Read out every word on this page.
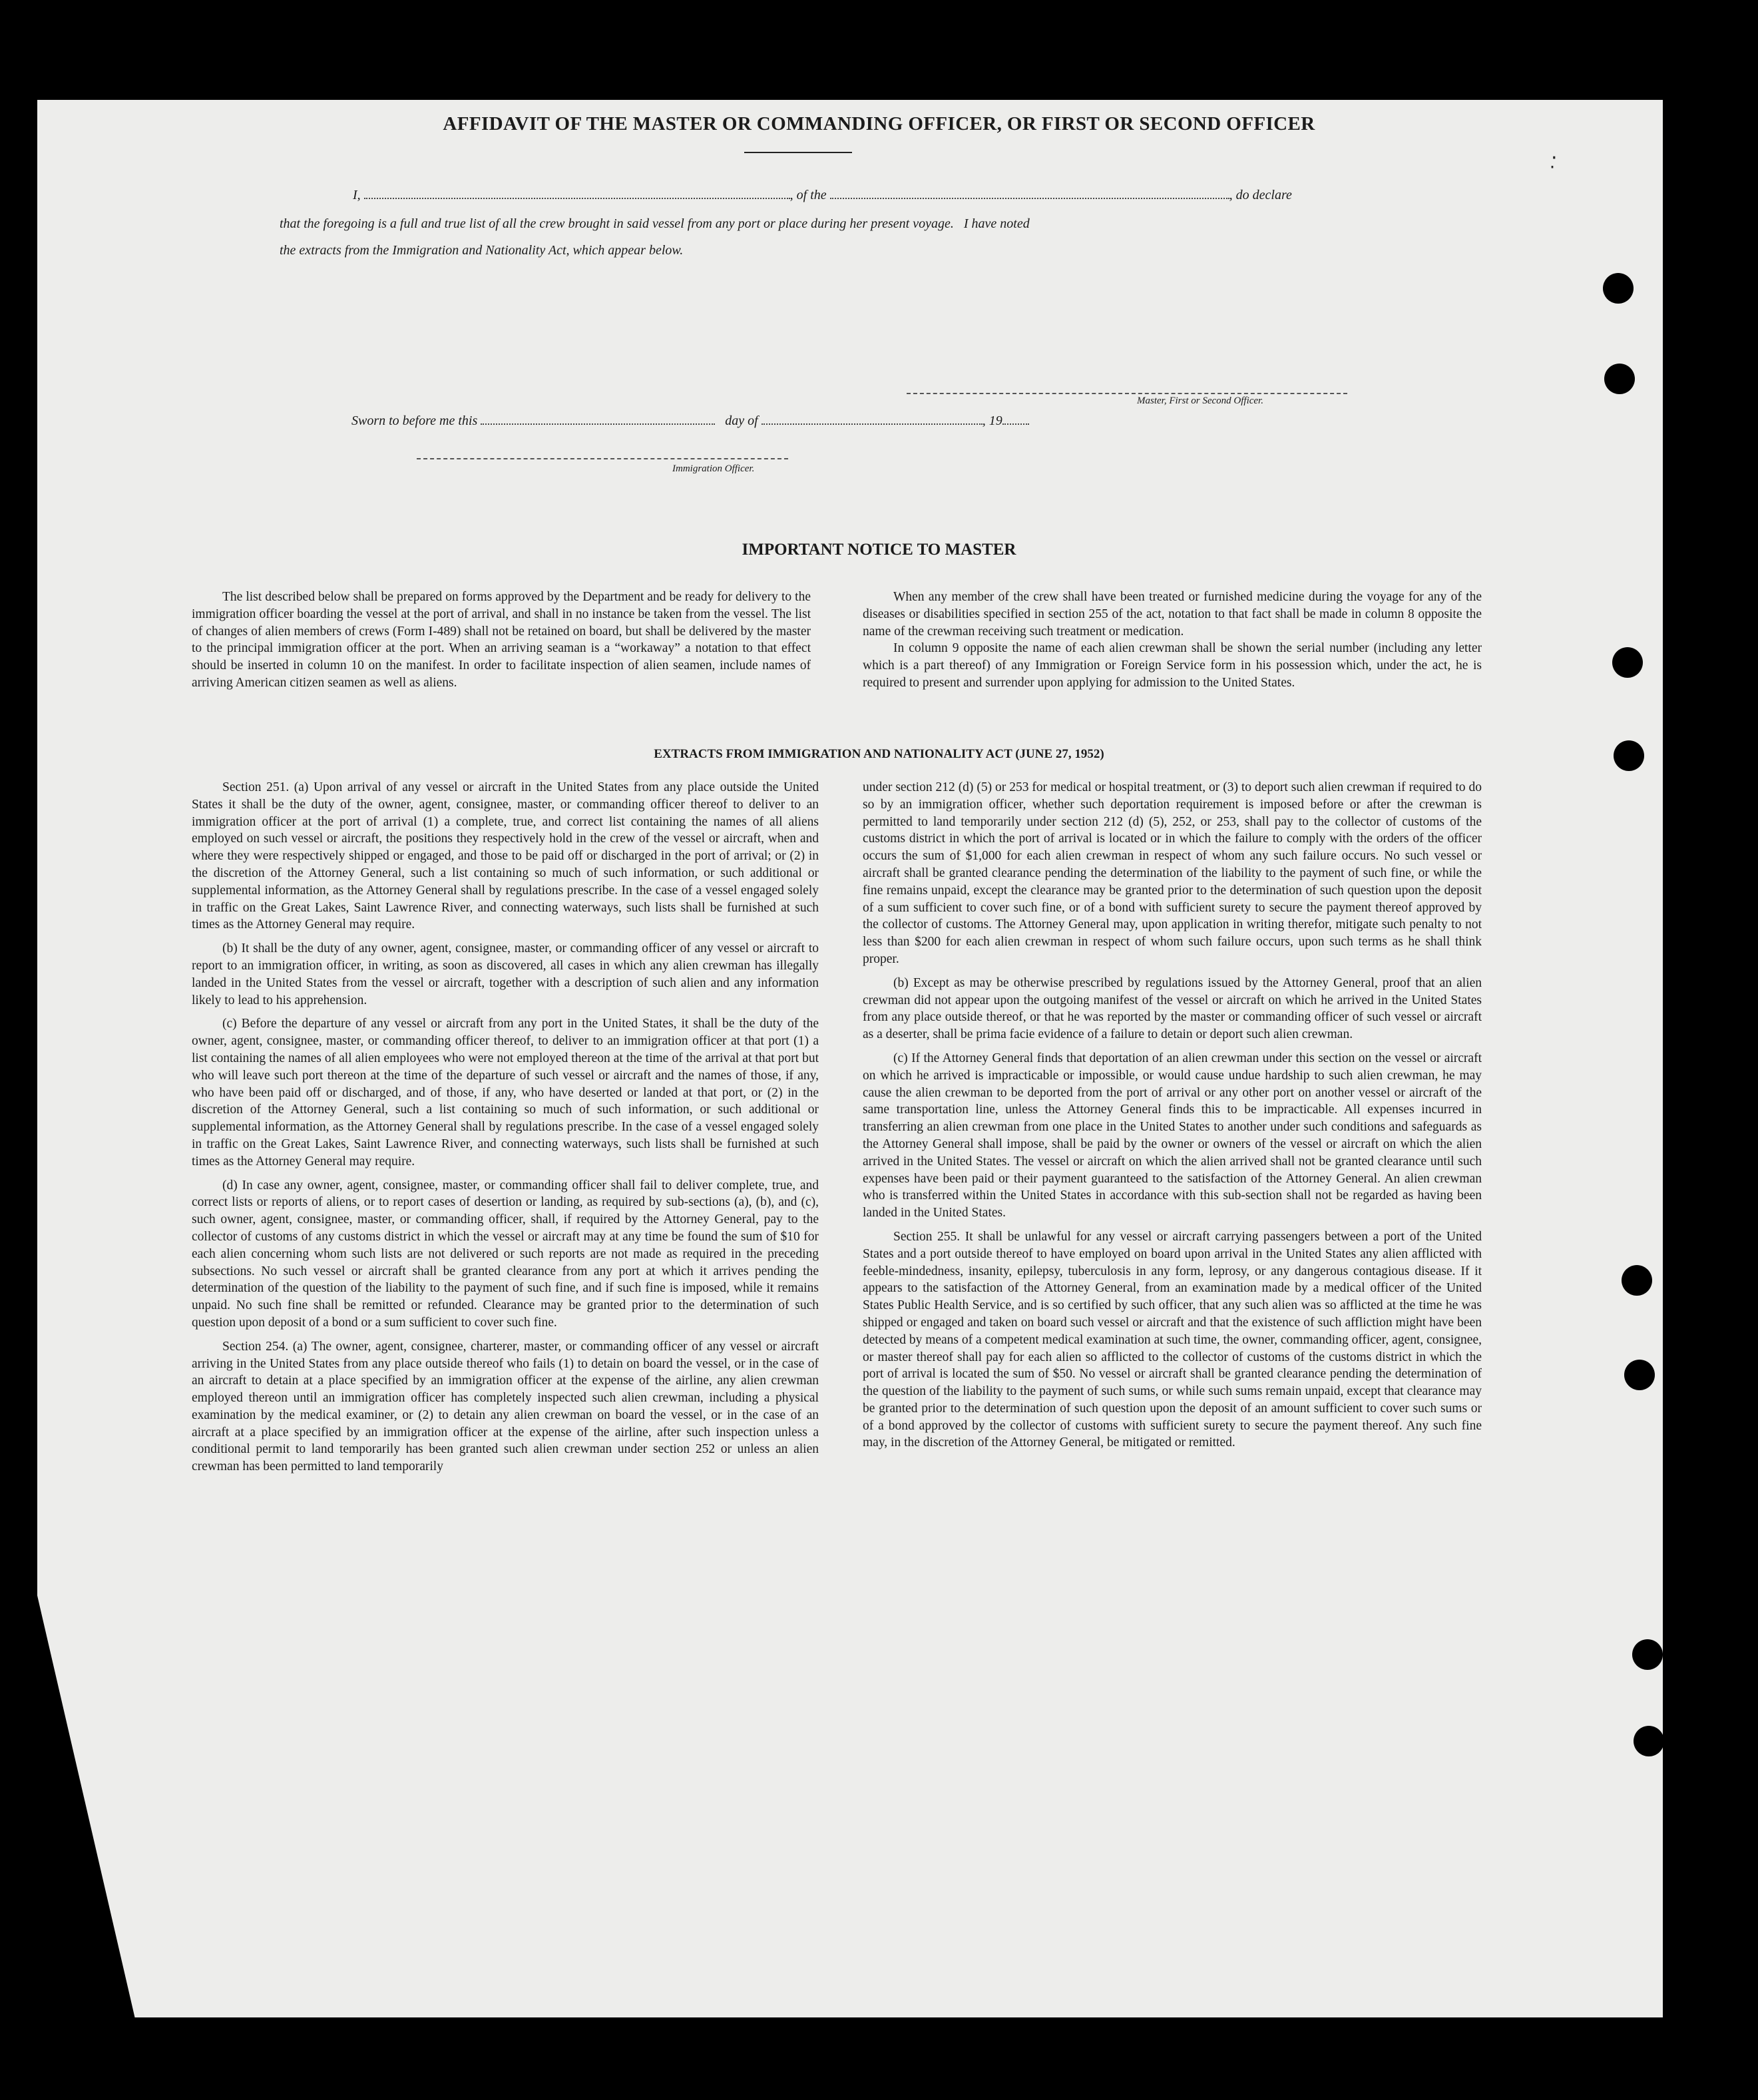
·̣
AFFIDAVIT OF THE MASTER OR COMMANDING OFFICER, OR FIRST OR SECOND OFFICER
I,	, of the	, do declare
that the foregoing is a full and true list of all the crew brought in said vessel from any port or place during her present voyage.   I have noted
the extracts from the Immigration and Nationality Act, which appear below.
Master, First or Second Officer.
Sworn to before me this	day of	, 19
Immigration Officer.
IMPORTANT NOTICE TO MASTER

The list described below shall be prepared on forms approved by the Department and be ready for delivery to the immigration officer boarding the vessel at the port of arrival, and shall in no instance be taken from the vessel. The list of changes of alien members of crews (Form I-489) shall not be retained on board, but shall be delivered by the master to the principal immigration officer at the port. When an arriving seaman is a “workaway” a notation to that effect should be inserted in column 10 on the manifest. In order to facilitate inspection of alien seamen, include names of arriving American citizen seamen as well as aliens.

When any member of the crew shall have been treated or furnished medicine during the voyage for any of the diseases or disabilities specified in section 255 of the act, notation to that fact shall be made in column 8 opposite the name of the crewman receiving such treatment or medication.

In column 9 opposite the name of each alien crewman shall be shown the serial number (including any letter which is a part thereof) of any Immigration or Foreign Service form in his possession which, under the act, he is required to present and surrender upon applying for admission to the United States.

EXTRACTS FROM IMMIGRATION AND NATIONALITY ACT (JUNE 27, 1952)

Section 251. (a) Upon arrival of any vessel or aircraft in the United States from any place outside the United States it shall be the duty of the owner, agent, consignee, master, or commanding officer thereof to deliver to an immigration officer at the port of arrival (1) a complete, true, and correct list containing the names of all aliens employed on such vessel or aircraft, the positions they respectively hold in the crew of the vessel or aircraft, when and where they were respectively shipped or engaged, and those to be paid off or discharged in the port of arrival; or (2) in the discretion of the Attorney General, such a list containing so much of such information, or such additional or supplemental information, as the Attorney General shall by regulations prescribe. In the case of a vessel engaged solely in traffic on the Great Lakes, Saint Lawrence River, and connecting waterways, such lists shall be furnished at such times as the Attorney General may require.

(b) It shall be the duty of any owner, agent, consignee, master, or commanding officer of any vessel or aircraft to report to an immigration officer, in writing, as soon as discovered, all cases in which any alien crewman has illegally landed in the United States from the vessel or aircraft, together with a description of such alien and any information likely to lead to his apprehension.

(c) Before the departure of any vessel or aircraft from any port in the United States, it shall be the duty of the owner, agent, consignee, master, or commanding officer thereof, to deliver to an immigration officer at that port (1) a list containing the names of all alien employees who were not employed thereon at the time of the arrival at that port but who will leave such port thereon at the time of the departure of such vessel or aircraft and the names of those, if any, who have been paid off or discharged, and of those, if any, who have deserted or landed at that port, or (2) in the discretion of the Attorney General, such a list containing so much of such information, or such additional or supplemental information, as the Attorney General shall by regulations prescribe. In the case of a vessel engaged solely in traffic on the Great Lakes, Saint Lawrence River, and connecting waterways, such lists shall be furnished at such times as the Attorney General may require.

(d) In case any owner, agent, consignee, master, or commanding officer shall fail to deliver complete, true, and correct lists or reports of aliens, or to report cases of desertion or landing, as required by sub-sections (a), (b), and (c), such owner, agent, consignee, master, or commanding officer, shall, if required by the Attorney General, pay to the collector of customs of any customs district in which the vessel or aircraft may at any time be found the sum of $10 for each alien concerning whom such lists are not delivered or such reports are not made as required in the preceding subsections. No such vessel or aircraft shall be granted clearance from any port at which it arrives pending the determination of the question of the liability to the payment of such fine, and if such fine is imposed, while it remains unpaid. No such fine shall be remitted or refunded. Clearance may be granted prior to the determination of such question upon deposit of a bond or a sum sufficient to cover such fine.

Section 254. (a) The owner, agent, consignee, charterer, master, or commanding officer of any vessel or aircraft arriving in the United States from any place outside thereof who fails (1) to detain on board the vessel, or in the case of an aircraft to detain at a place specified by an immigration officer at the expense of the airline, any alien crewman employed thereon until an immigration officer has completely inspected such alien crewman, including a physical examination by the medical examiner, or (2) to detain any alien crewman on board the vessel, or in the case of an aircraft at a place specified by an immigration officer at the expense of the airline, after such inspection unless a conditional permit to land temporarily has been granted such alien crewman under section 252 or unless an alien crewman has been permitted to land temporarily

under section 212 (d) (5) or 253 for medical or hospital treatment, or (3) to deport such alien crewman if required to do so by an immigration officer, whether such deportation requirement is imposed before or after the crewman is permitted to land temporarily under section 212 (d) (5), 252, or 253, shall pay to the collector of customs of the customs district in which the port of arrival is located or in which the failure to comply with the orders of the officer occurs the sum of $1,000 for each alien crewman in respect of whom any such failure occurs. No such vessel or aircraft shall be granted clearance pending the determination of the liability to the payment of such fine, or while the fine remains unpaid, except the clearance may be granted prior to the determination of such question upon the deposit of a sum sufficient to cover such fine, or of a bond with sufficient surety to secure the payment thereof approved by the collector of customs. The Attorney General may, upon application in writing therefor, mitigate such penalty to not less than $200 for each alien crewman in respect of whom such failure occurs, upon such terms as he shall think proper.

(b) Except as may be otherwise prescribed by regulations issued by the Attorney General, proof that an alien crewman did not appear upon the outgoing manifest of the vessel or aircraft on which he arrived in the United States from any place outside thereof, or that he was reported by the master or commanding officer of such vessel or aircraft as a deserter, shall be prima facie evidence of a failure to detain or deport such alien crewman.

(c) If the Attorney General finds that deportation of an alien crewman under this section on the vessel or aircraft on which he arrived is impracticable or impossible, or would cause undue hardship to such alien crewman, he may cause the alien crewman to be deported from the port of arrival or any other port on another vessel or aircraft of the same transportation line, unless the Attorney General finds this to be impracticable. All expenses incurred in transferring an alien crewman from one place in the United States to another under such conditions and safeguards as the Attorney General shall impose, shall be paid by the owner or owners of the vessel or aircraft on which the alien arrived in the United States. The vessel or aircraft on which the alien arrived shall not be granted clearance until such expenses have been paid or their payment guaranteed to the satisfaction of the Attorney General. An alien crewman who is transferred within the United States in accordance with this sub-section shall not be regarded as having been landed in the United States.

Section 255. It shall be unlawful for any vessel or aircraft carrying passengers between a port of the United States and a port outside thereof to have employed on board upon arrival in the United States any alien afflicted with feeble-mindedness, insanity, epilepsy, tuberculosis in any form, leprosy, or any dangerous contagious disease. If it appears to the satisfaction of the Attorney General, from an examination made by a medical officer of the United States Public Health Service, and is so certified by such officer, that any such alien was so afflicted at the time he was shipped or engaged and taken on board such vessel or aircraft and that the existence of such affliction might have been detected by means of a competent medical examination at such time, the owner, commanding officer, agent, consignee, or master thereof shall pay for each alien so afflicted to the collector of customs of the customs district in which the port of arrival is located the sum of $50. No vessel or aircraft shall be granted clearance pending the determination of the question of the liability to the payment of such sums, or while such sums remain unpaid, except that clearance may be granted prior to the determination of such question upon the deposit of an amount sufficient to cover such sums or of a bond approved by the collector of customs with sufficient surety to secure the payment thereof. Any such fine may, in the discretion of the Attorney General, be mitigated or remitted.
